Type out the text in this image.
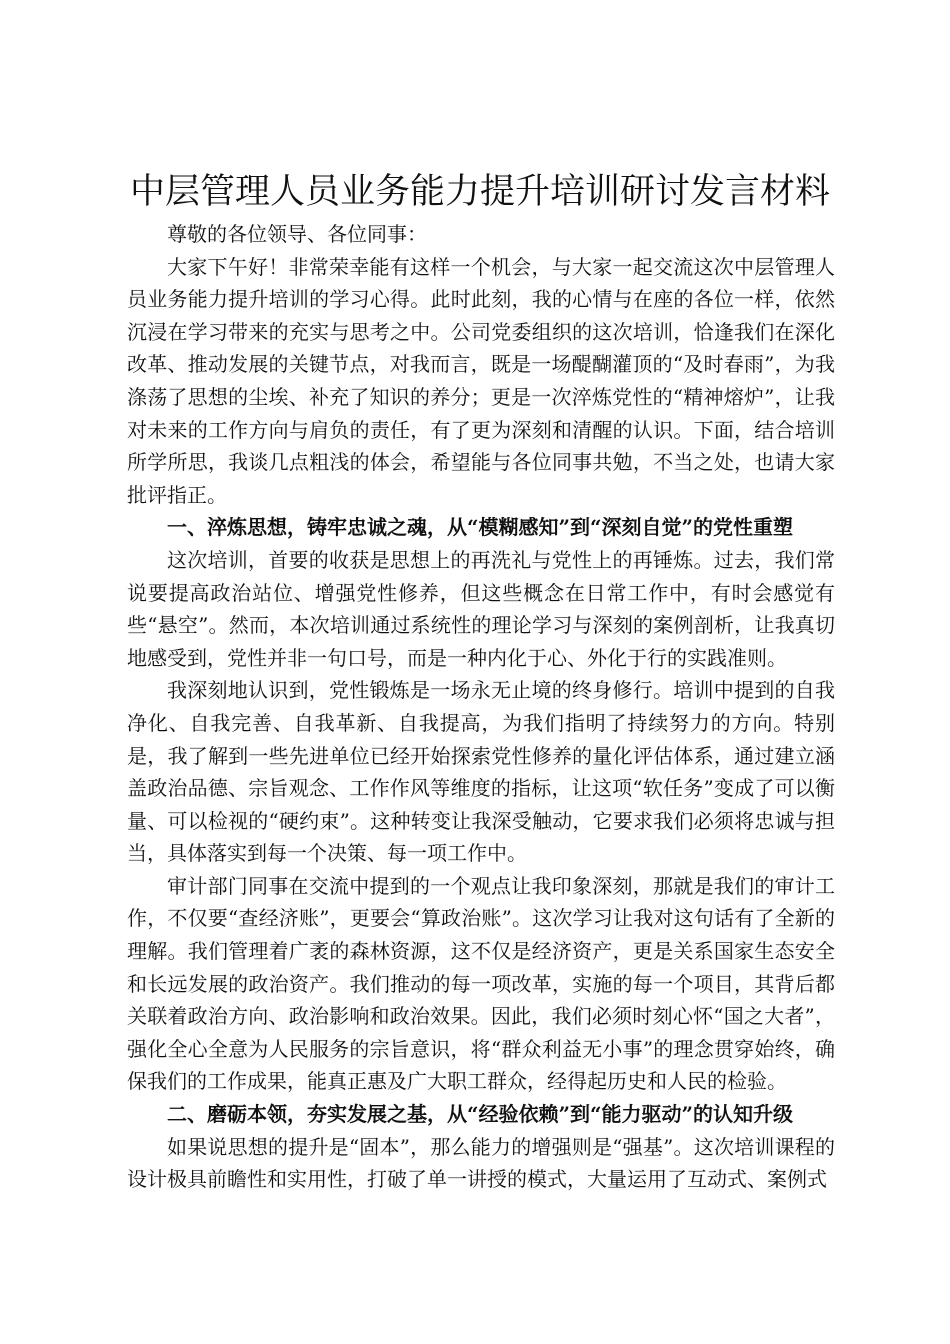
中层管理人员业务能力提升培训研讨发言材料

尊敬的各位领导、各位同事：

大家下午好！非常荣幸能有这样一个机会，与大家一起交流这次中层管理人员业务能力提升培训的学习心得。此时此刻，我的心情与在座的各位一样，依然沉浸在学习带来的充实与思考之中。公司党委组织的这次培训，恰逢我们在深化改革、推动发展的关键节点，对我而言，既是一场醍醐灌顶的“及时春雨”，为我涤荡了思想的尘埃、补充了知识的养分；更是一次淬炼党性的“精神熔炉”，让我对未来的工作方向与肩负的责任，有了更为深刻和清醒的认识。下面，结合培训所学所思，我谈几点粗浅的体会，希望能与各位同事共勉，不当之处，也请大家批评指正。

一、淬炼思想，铸牢忠诚之魂，从“模糊感知”到“深刻自觉”的党性重塑

这次培训，首要的收获是思想上的再洗礼与党性上的再锤炼。过去，我们常说要提高政治站位、增强党性修养，但这些概念在日常工作中，有时会感觉有些“悬空”。然而，本次培训通过系统性的理论学习与深刻的案例剖析，让我真切地感受到，党性并非一句口号，而是一种内化于心、外化于行的实践准则。

我深刻地认识到，党性锻炼是一场永无止境的终身修行。培训中提到的自我净化、自我完善、自我革新、自我提高，为我们指明了持续努力的方向。特别是，我了解到一些先进单位已经开始探索党性修养的量化评估体系，通过建立涵盖政治品德、宗旨观念、工作作风等维度的指标，让这项“软任务”变成了可以衡量、可以检视的“硬约束”。这种转变让我深受触动，它要求我们必须将忠诚与担当，具体落实到每一个决策、每一项工作中。

审计部门同事在交流中提到的一个观点让我印象深刻，那就是我们的审计工作，不仅要“查经济账”，更要会“算政治账”。这次学习让我对这句话有了全新的理解。我们管理着广袤的森林资源，这不仅是经济资产，更是关系国家生态安全和长远发展的政治资产。我们推动的每一项改革，实施的每一个项目，其背后都关联着政治方向、政治影响和政治效果。因此，我们必须时刻心怀“国之大者”，强化全心全意为人民服务的宗旨意识，将“群众利益无小事”的理念贯穿始终，确保我们的工作成果，能真正惠及广大职工群众，经得起历史和人民的检验。

二、磨砺本领，夯实发展之基，从“经验依赖”到“能力驱动”的认知升级

如果说思想的提升是“固本”，那么能力的增强则是“强基”。这次培训课程的设计极具前瞻性和实用性，打破了单一讲授的模式，大量运用了互动式、案例式
